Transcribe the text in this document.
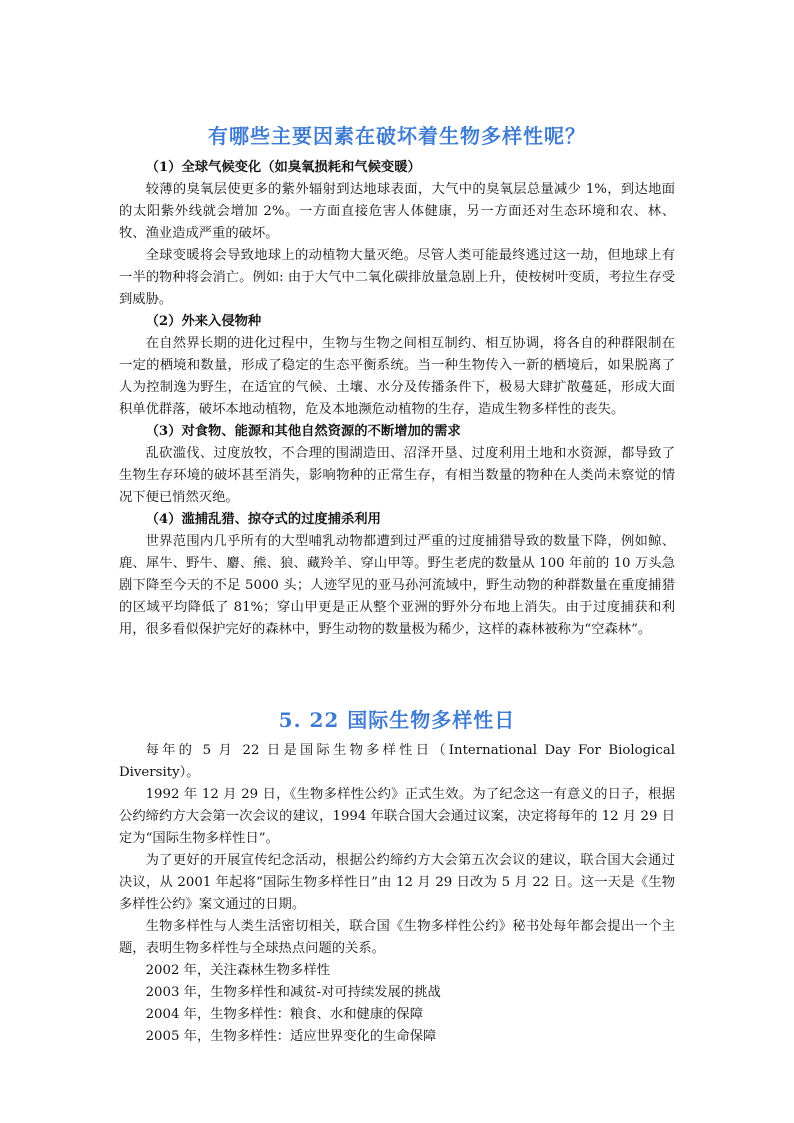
有哪些主要因素在破坏着生物多样性呢？

（1）全球气候变化（如臭氧损耗和气候变暖）

较薄的臭氧层使更多的紫外辐射到达地球表面，大气中的臭氧层总量减少 1%，到达地面的太阳紫外线就会增加 2%。一方面直接危害人体健康，另一方面还对生态环境和农、林、牧、渔业造成严重的破坏。

全球变暖将会导致地球上的动植物大量灭绝。尽管人类可能最终逃过这一劫，但地球上有一半的物种将会消亡。例如: 由于大气中二氧化碳排放量急剧上升，使桉树叶变质，考拉生存受到威胁。

（2）外来入侵物种

在自然界长期的进化过程中，生物与生物之间相互制约、相互协调，将各自的种群限制在一定的栖境和数量，形成了稳定的生态平衡系统。当一种生物传入一新的栖境后，如果脱离了人为控制逸为野生，在适宜的气候、土壤、水分及传播条件下，极易大肆扩散蔓延，形成大面积单优群落，破坏本地动植物，危及本地濒危动植物的生存，造成生物多样性的丧失。

（3）对食物、能源和其他自然资源的不断增加的需求

乱砍滥伐、过度放牧，不合理的围湖造田、沼泽开垦、过度利用土地和水资源，都导致了生物生存环境的破坏甚至消失，影响物种的正常生存，有相当数量的物种在人类尚未察觉的情况下便已悄然灭绝。

（4）滥捕乱猎、掠夺式的过度捕杀利用

世界范围内几乎所有的大型哺乳动物都遭到过严重的过度捕猎导致的数量下降，例如鲸、鹿、犀牛、野牛、麝、熊、狼、藏羚羊、穿山甲等。野生老虎的数量从 100 年前的 10 万头急剧下降至今天的不足 5000 头；人迹罕见的亚马孙河流域中，野生动物的种群数量在重度捕猎的区域平均降低了 81%；穿山甲更是正从整个亚洲的野外分布地上消失。由于过度捕获和利用，很多看似保护完好的森林中，野生动物的数量极为稀少，这样的森林被称为“空森林”。

5. 22 国际生物多样性日

每年的 5 月 22 日是国际生物多样性日（International Day For Biological Diversity）。

1992 年 12 月 29 日，《生物多样性公约》正式生效。为了纪念这一有意义的日子，根据公约缔约方大会第一次会议的建议，1994 年联合国大会通过议案，决定将每年的 12 月 29 日定为“国际生物多样性日”。

为了更好的开展宣传纪念活动，根据公约缔约方大会第五次会议的建议，联合国大会通过决议，从 2001 年起将“国际生物多样性日”由 12 月 29 日改为 5 月 22 日。这一天是《生物多样性公约》案文通过的日期。

生物多样性与人类生活密切相关，联合国《生物多样性公约》秘书处每年都会提出一个主题，表明生物多样性与全球热点问题的关系。

2002 年，关注森林生物多样性

2003 年，生物多样性和减贫-对可持续发展的挑战

2004 年，生物多样性：粮食、水和健康的保障

2005 年，生物多样性：适应世界变化的生命保障
